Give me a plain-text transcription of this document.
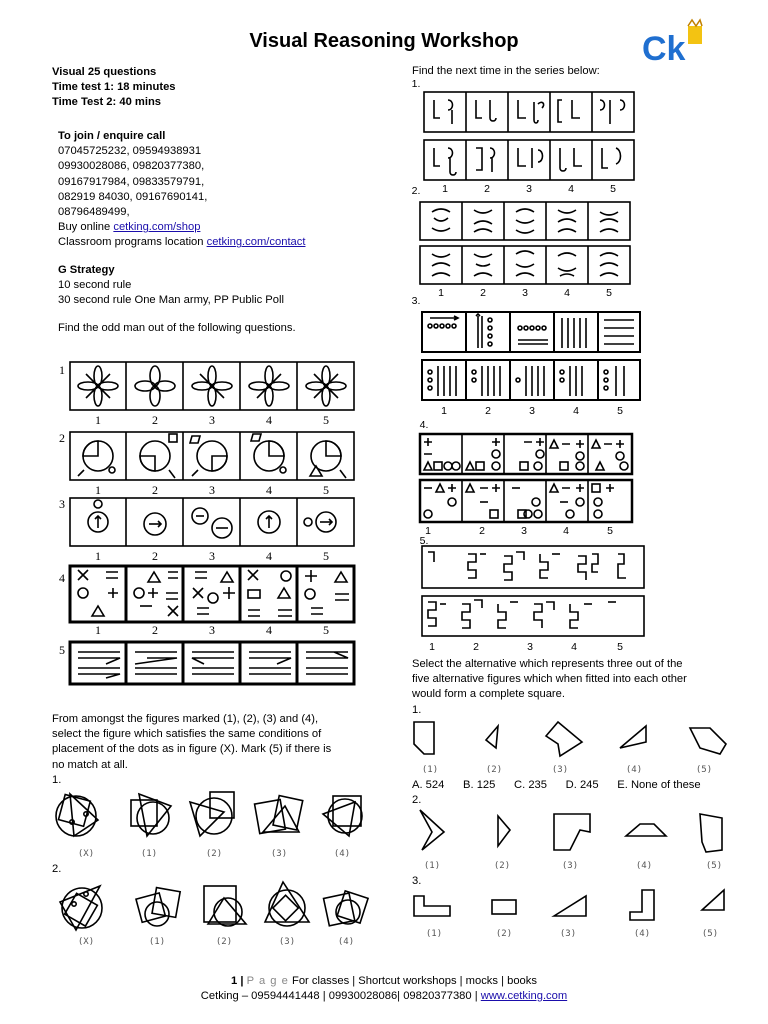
Visual Reasoning Workshop	Ck
Visual 25 questions
Time test 1: 18 minutes
Time Test 2: 40 mins
To join / enquire call
07045725232, 09594938931
09930028086, 09820377380,
09167917984, 09833579791,
082919 84030, 09167690141,
08796489499,
Buy online cetking.com/shop
Classroom programs location cetking.com/contact
G Strategy
10 second rule
30 second rule One Man army, PP Public Poll
Find the odd man out of the following questions.
1
2
3
4
5
1	2	3	4	5
1	2	3	4	5
1	2	3	4	5
1	2	3	4	5
From amongst the figures marked (1), (2), (3) and (4),
select the figure which satisfies the same conditions of
placement of the dots as in figure (X). Mark (5) if there is
no match at all.
1.
(X)	(1)	(2)	(3)	(4)
2.
(X)	(1)	(2)	(3)	(4)
Find the next time in the series below:
1.
1	2	3	4	5
2.
1	2	3	4	5
3.
1	2	3	4	5
4.
1	2	3	4	5
5.
1	2	3	4	5
Select the alternative which represents three out of the
five alternative figures which when fitted into each other
would form a complete square.
1.
(1)	(2)	(3)	(4)	(5)
A. 524 B. 125 C. 235 D. 245 E. None of these
2.
(1)	(2)	(3)	(4)	(5)
3.
(1)	(2)	(3)	(4)	(5)
1 | P a g e For classes | Shortcut workshops | mocks | books
Cetking – 09594441448 | 09930028086| 09820377380 | www.cetking.com
